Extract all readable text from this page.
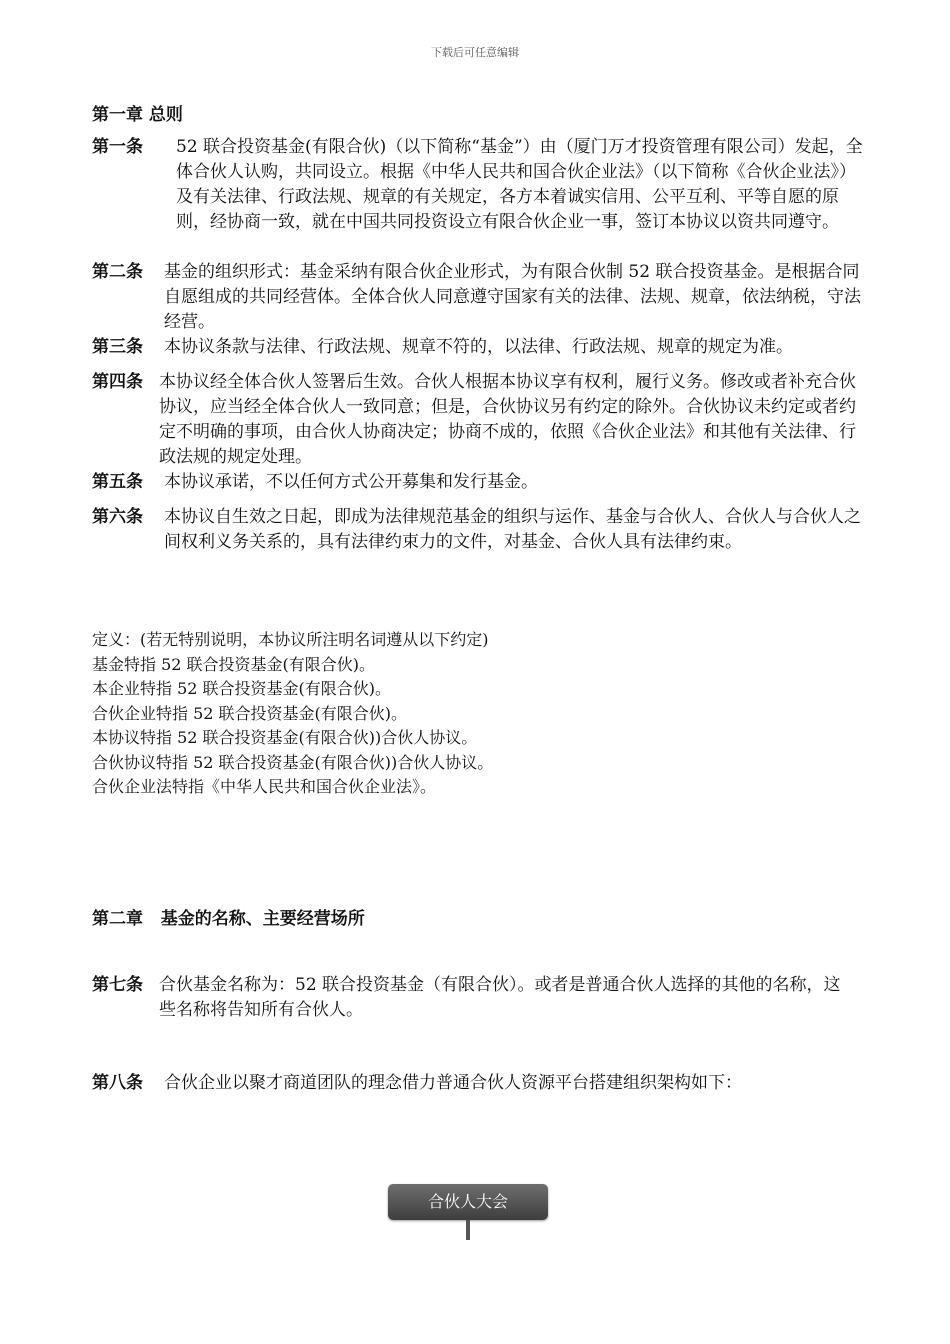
下载后可任意编辑
第一章 总则
第一条	52 联合投资基金(有限合伙)（以下简称“基金”）由（厦门万才投资管理有限公司）发起，全体合伙人认购，共同设立。根据《中华人民共和国合伙企业法》（以下简称《合伙企业法》）及有关法律、行政法规、规章的有关规定，各方本着诚实信用、公平互利、平等自愿的原则，经协商一致，就在中国共同投资设立有限合伙企业一事，签订本协议以资共同遵守。
第二条	基金的组织形式：基金采纳有限合伙企业形式，为有限合伙制 52 联合投资基金。是根据合同自愿组成的共同经营体。全体合伙人同意遵守国家有关的法律、法规、规章，依法纳税，守法经营。
第三条	本协议条款与法律、行政法规、规章不符的，以法律、行政法规、规章的规定为准。
第四条 本协议经全体合伙人签署后生效。合伙人根据本协议享有权利，履行义务。修改或者补充合伙协议，应当经全体合伙人一致同意；但是，合伙协议另有约定的除外。合伙协议未约定或者约定不明确的事项，由合伙人协商决定；协商不成的，依照《合伙企业法》和其他有关法律、行政法规的规定处理。
第五条	本协议承诺，不以任何方式公开募集和发行基金。
第六条	本协议自生效之日起，即成为法律规范基金的组织与运作、基金与合伙人、合伙人与合伙人之间权利义务关系的，具有法律约束力的文件，对基金、合伙人具有法律约束。
定义：(若无特别说明，本协议所注明名词遵从以下约定)
基金特指 52 联合投资基金(有限合伙)。
本企业特指 52 联合投资基金(有限合伙)。
合伙企业特指 52 联合投资基金(有限合伙)。
本协议特指 52 联合投资基金(有限合伙))合伙人协议。
合伙协议特指 52 联合投资基金(有限合伙))合伙人协议。
合伙企业法特指《中华人民共和国合伙企业法》。
第二章   基金的名称、主要经营场所
第七条 合伙基金名称为：52 联合投资基金（有限合伙）。或者是普通合伙人选择的其他的名称，这些名称将告知所有合伙人。
第八条	合伙企业以聚才商道团队的理念借力普通合伙人资源平台搭建组织架构如下：
合伙人大会
